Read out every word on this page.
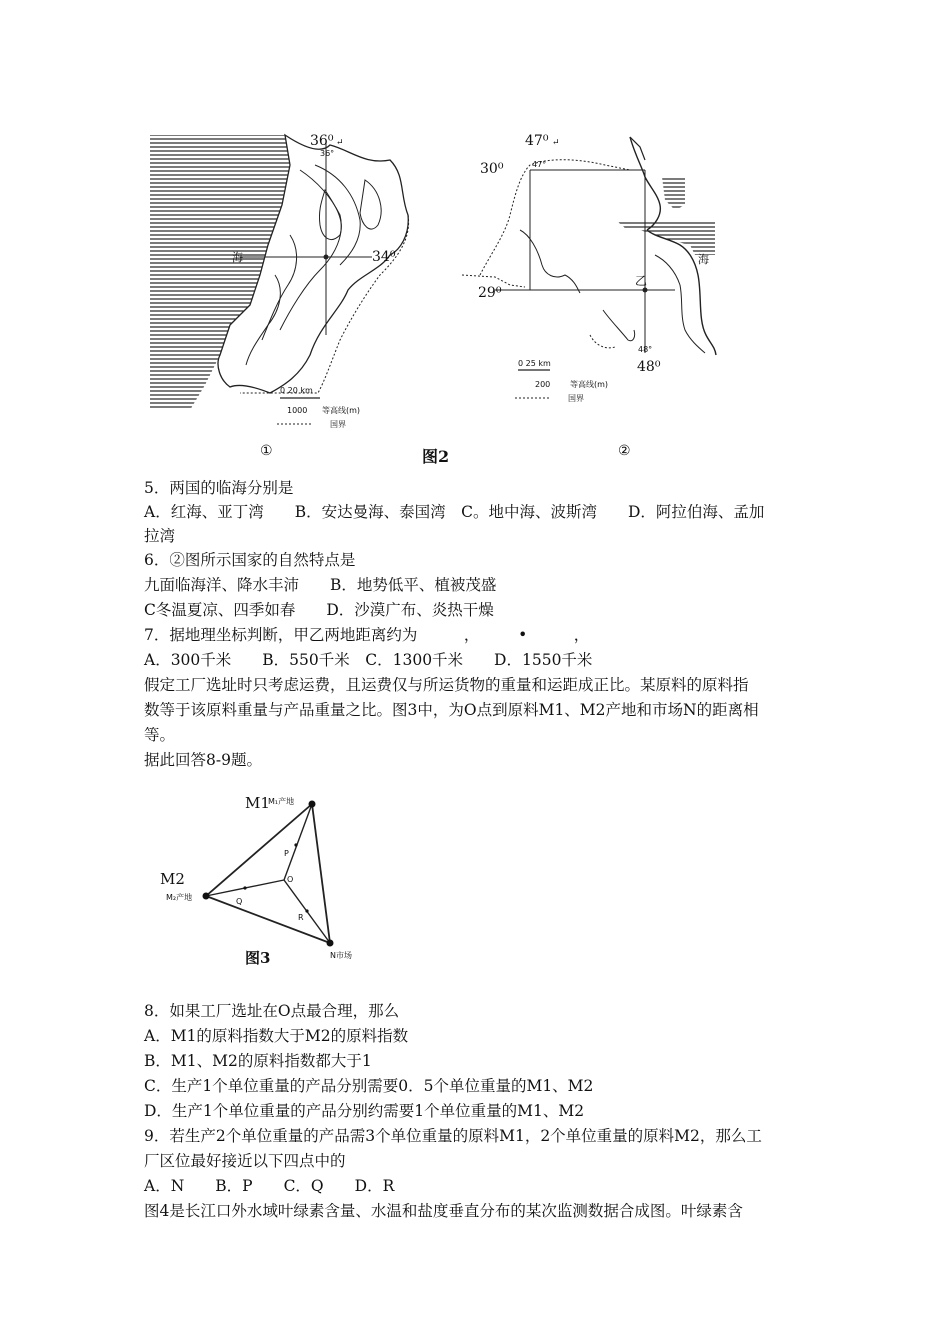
36⁰ ↵
36°
34⁰
海
0 20 km
1000 等高线(m)
国界
①	图2
47⁰ ↵
30⁰	47°
29⁰
乙
海
48°
48⁰
0 25 km
200 等高线(m)
国界
②
5．两国的临海分别是
A．红海、亚丁湾　　B．安达曼海、泰国湾　C。地中海、波斯湾　　D．阿拉伯海、孟加
拉湾
6．②图所示国家的自然特点是
九面临海洋、降水丰沛　　B．地势低平、植被茂盛
C冬温夏凉、四季如春　　D．沙漠广布、炎热干燥
7．据地理坐标判断，甲乙两地距离约为　　　，　　　•　　　，
A．300千米　　B．550千米　C．1300千米　　D．1550千米
假定工厂选址时只考虑运费，且运费仅与所运货物的重量和运距成正比。某原料的原料指
数等于该原料重量与产品重量之比。图3中，为O点到原料M1、M2产地和市场N的距离相
等。
据此回答8-9题。
8．如果工厂选址在O点最合理，那么
A．M1的原料指数大于M2的原料指数
B．M1、M2的原料指数都大于1
C．生产1个单位重量的产品分别需要0．5个单位重量的M1、M2
D．生产1个单位重量的产品分别约需要1个单位重量的M1、M2
9．若生产2个单位重量的产品需3个单位重量的原料M1，2个单位重量的原料M2，那么工
厂区位最好接近以下四点中的
A．N　　B．P　　C．Q　　D．R
图4是长江口外水域叶绿素含量、水温和盐度垂直分布的某次监测数据合成图。叶绿素含
M1
M₁产地
M2
M₂产地
O
P
Q
R
N市场
图3
